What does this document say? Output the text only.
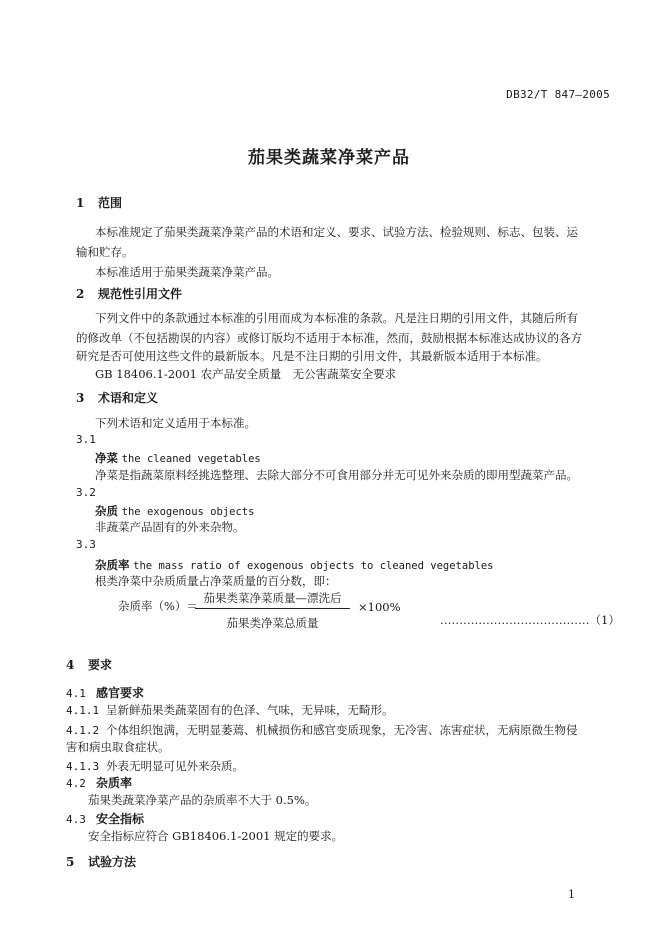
DB32/T 847—2005
茄果类蔬菜净菜产品
1 范围
本标准规定了茄果类蔬菜净菜产品的术语和定义、要求、试验方法、检验规则、标志、包装、运
输和贮存。
本标准适用于茄果类蔬菜净菜产品。
2 规范性引用文件
下列文件中的条款通过本标准的引用而成为本标准的条款。凡是注日期的引用文件，其随后所有
的修改单（不包括勘误的内容）或修订版均不适用于本标准，然而，鼓励根据本标准达成协议的各方
研究是否可使用这些文件的最新版本。凡是不注日期的引用文件，其最新版本适用于本标准。
GB 18406.1-2001 农产品安全质量　无公害蔬菜安全要求
3 术语和定义
下列术语和定义适用于本标准。
3.1
净菜 the cleaned vegetables
净菜是指蔬菜原料经挑选整理、去除大部分不可食用部分并无可见外来杂质的即用型蔬菜产品。
3.2
杂质 the exogenous objects
非蔬菜产品固有的外来杂物。
3.3
杂质率 the mass ratio of exogenous objects to cleaned vegetables
根类净菜中杂质质量占净菜质量的百分数，即：
杂质率（%）＝
茄果类菜净菜质量—漂洗后
茄果类净菜总质量
×100%
…………………………………（1）
4 要求
4.1 感官要求
4.1.1 呈新鲜茄果类蔬菜固有的色泽、气味，无异味，无畸形。
4.1.2 个体组织饱满，无明显萎蔫、机械损伤和感官变质现象，无冷害、冻害症状，无病原微生物侵
害和病虫取食症状。
4.1.3 外表无明显可见外来杂质。
4.2 杂质率
茄果类蔬菜净菜产品的杂质率不大于 0.5%。
4.3 安全指标
安全指标应符合 GB18406.1-2001 规定的要求。
5 试验方法
1
